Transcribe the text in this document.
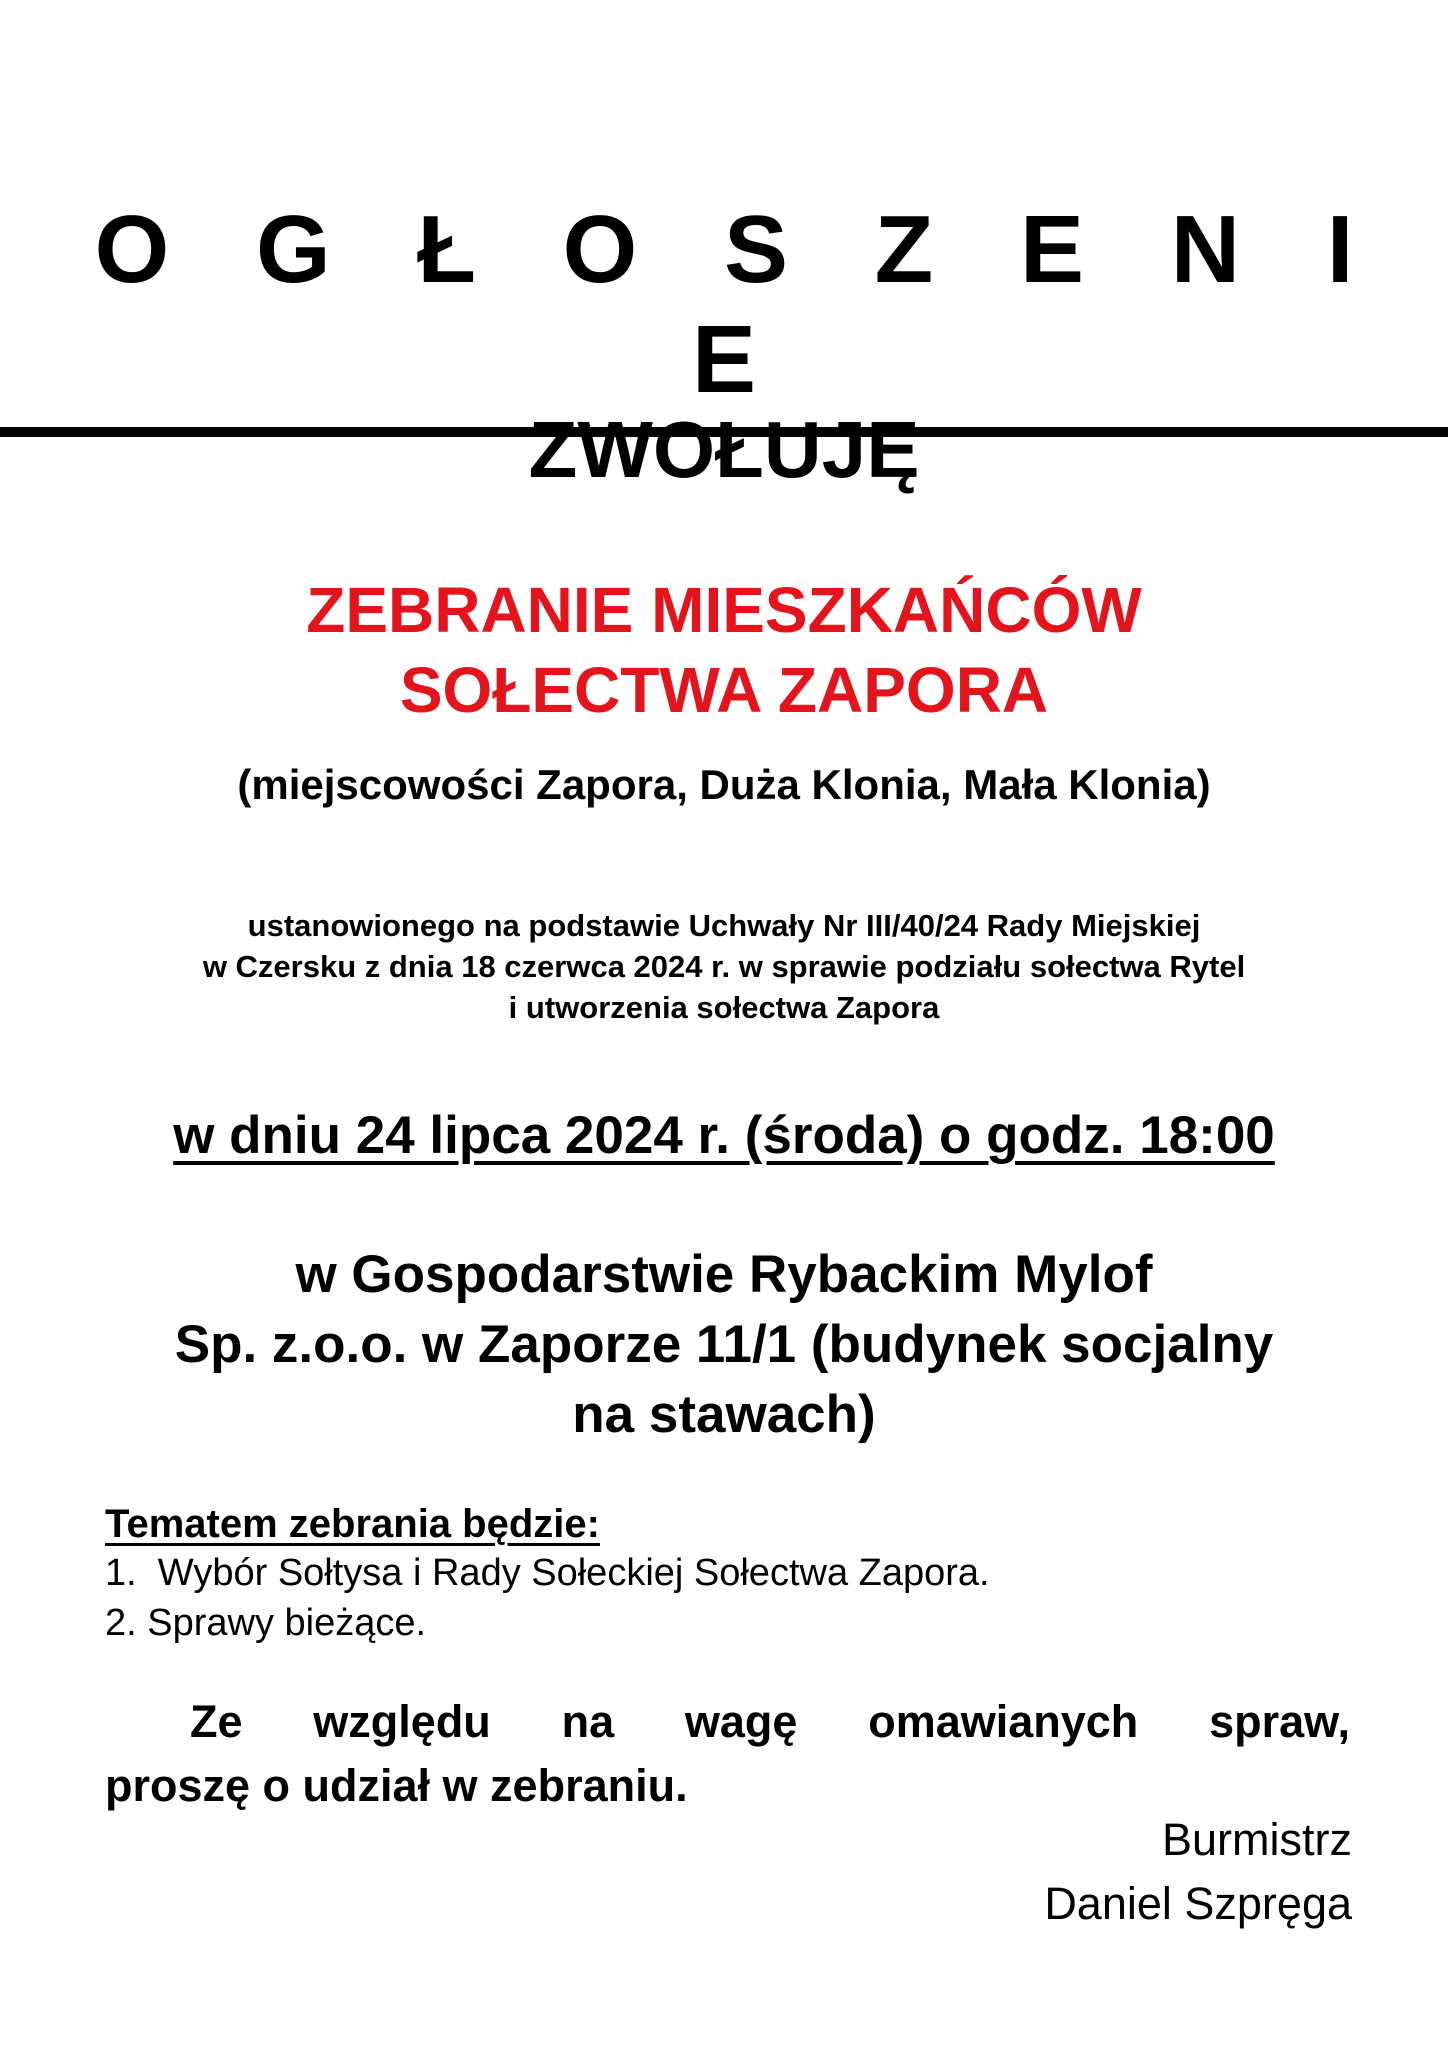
O G Ł O S Z E N I E
ZWOŁUJĘ
ZEBRANIE MIESZKAŃCÓW
SOŁECTWA ZAPORA
(miejscowości Zapora, Duża Klonia, Mała Klonia)
ustanowionego na podstawie Uchwały Nr III/40/24 Rady Miejskiej
w Czersku z dnia 18 czerwca 2024 r. w sprawie podziału sołectwa Rytel
i utworzenia sołectwa Zapora
w dniu 24 lipca 2024 r. (środa) o godz. 18:00
w Gospodarstwie Rybackim Mylof
Sp. z.o.o. w Zaporze 11/1 (budynek socjalny
na stawach)
Tematem zebrania będzie:
1.  Wybór Sołtysa i Rady Sołeckiej Sołectwa Zapora.
2. Sprawy bieżące.
Ze względu na wagę omawianych spraw,
proszę o udział w zebraniu.
Burmistrz
Daniel Szpręga
